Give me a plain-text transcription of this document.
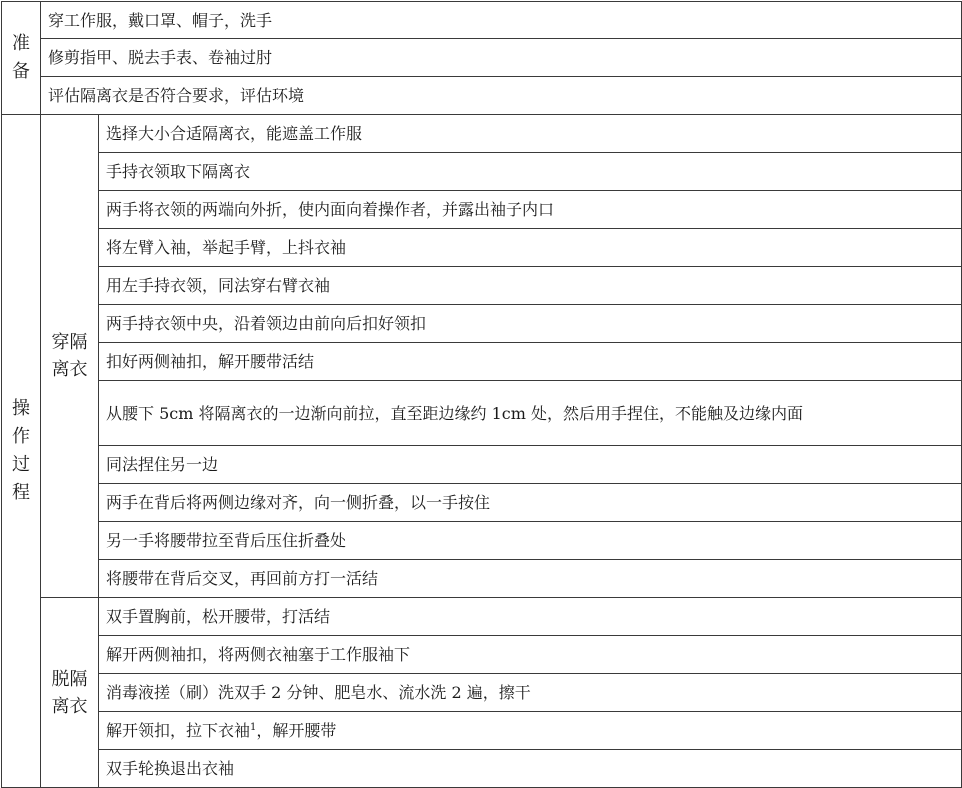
准备	穿工作服，戴口罩、帽子，洗手	
	修剪指甲、脱去手表、卷袖过肘	
	评估隔离衣是否符合要求，评估环境	
操作过程	穿隔离衣	选择大小合适隔离衣，能遮盖工作服
		手持衣领取下隔离衣
		两手将衣领的两端向外折，使内面向着操作者，并露出袖子内口
		将左臂入袖，举起手臂，上抖衣袖
		用左手持衣领，同法穿右臂衣袖
		两手持衣领中央，沿着领边由前向后扣好领扣
		扣好两侧袖扣，解开腰带活结
		从腰下 5cm 将隔离衣的一边渐向前拉，直至距边缘约 1cm 处，然后用手捏住，不能触及边缘内面
		同法捏住另一边
		两手在背后将两侧边缘对齐，向一侧折叠，以一手按住
		另一手将腰带拉至背后压住折叠处
		将腰带在背后交叉，再回前方打一活结
	脱隔离衣	双手置胸前，松开腰带，打活结
		解开两侧袖扣，将两侧衣袖塞于工作服袖下
		消毒液搓（刷）洗双手 2 分钟、肥皂水、流水洗 2 遍，擦干
		解开领扣，拉下衣袖$^1$，解开腰带
		双手轮换退出衣袖
